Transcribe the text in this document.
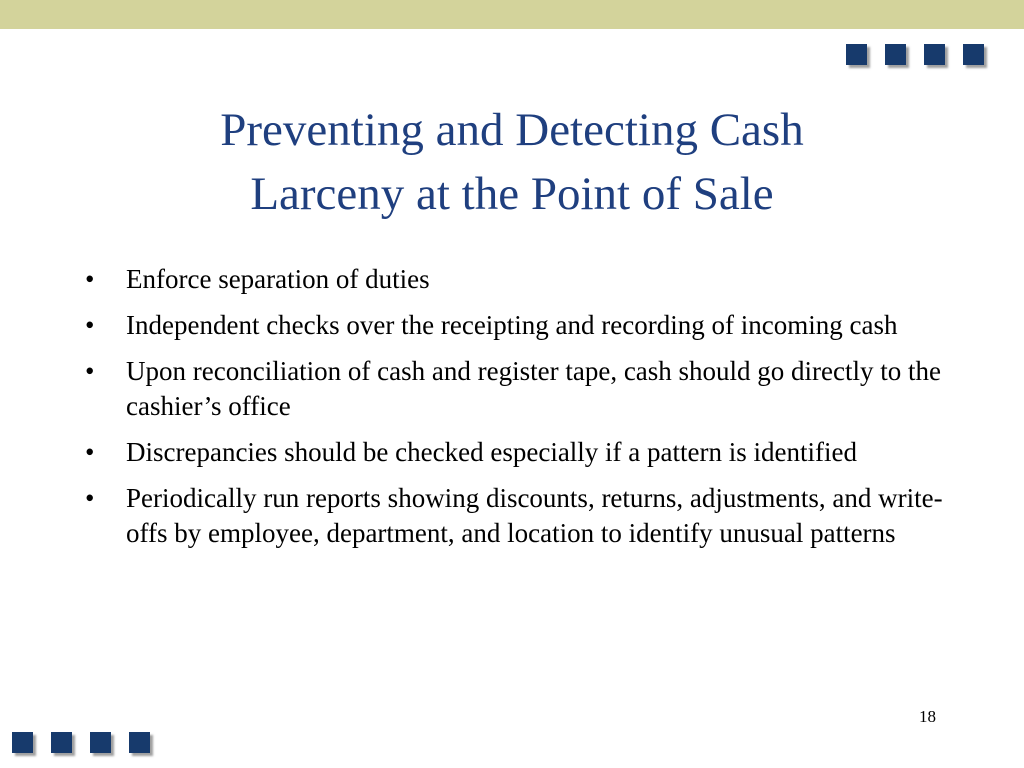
Preventing and Detecting Cash
Larceny at the Point of Sale
• Enforce separation of duties
• Independent checks over the receipting and recording of incoming cash
• Upon reconciliation of cash and register tape, cash should go directly to the cashier’s office
• Discrepancies should be checked especially if a pattern is identified
• Periodically run reports showing discounts, returns, adjustments, and write-offs by employee, department, and location to identify unusual patterns
18
